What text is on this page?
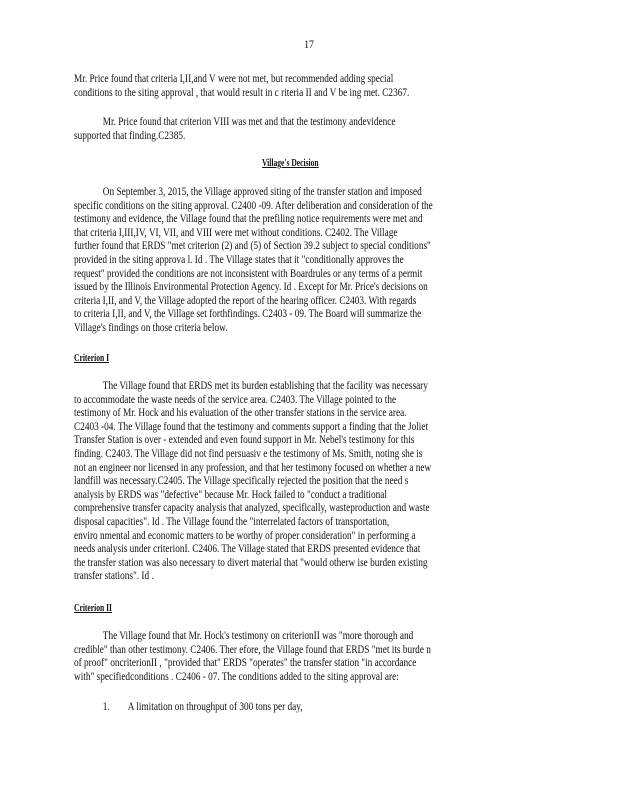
17
Mr. Price found that criteria I,II,and V were not met, but recommended adding special
conditions to the siting approval , that would result in c riteria II and V be ing met. C2367.
Mr. Price found that criterion VIII was met and that the testimony andevidence
supported that finding.C2385.
Village's Decision
On September 3, 2015, the Village approved siting of the transfer station and imposed
specific conditions on the siting approval. C2400 -09. After deliberation and consideration of the
testimony and evidence, the Village found that the prefiling notice requirements were met and
that criteria I,III,IV, VI, VII, and VIII were met without conditions. C2402. The Village
further found that ERDS "met criterion (2) and (5) of Section 39.2 subject to special conditions"
provided in the siting approva l. Id . The Village states that it "conditionally approves the
request" provided the conditions are not inconsistent with Boardrules or any terms of a permit
issued by the Illinois Environmental Protection Agency. Id . Except for Mr. Price's decisions on
criteria I,II, and V, the Village adopted the report of the hearing officer. C2403. With regards
to criteria I,II, and V, the Village set forthfindings. C2403 - 09. The Board will summarize the
Village's findings on those criteria below.
Criterion I
The Village found that ERDS met its burden establishing that the facility was necessary
to accommodate the waste needs of the service area. C2403. The Village pointed to the
testimony of Mr. Hock and his evaluation of the other transfer stations in the service area.
C2403 -04. The Village found that the testimony and comments support a finding that the Joliet
Transfer Station is over - extended and even found support in Mr. Nebel's testimony for this
finding. C2403. The Village did not find persuasiv e the testimony of Ms. Smith, noting she is
not an engineer nor licensed in any profession, and that her testimony focused on whether a new
landfill was necessary.C2405. The Village specifically rejected the position that the need s
analysis by ERDS was "defective" because Mr. Hock failed to "conduct a traditional
comprehensive transfer capacity analysis that analyzed, specifically, wasteproduction and waste
disposal capacities". Id . The Village found the "interrelated factors of transportation,
enviro nmental and economic matters to be worthy of proper consideration" in performing a
needs analysis under criterionI. C2406. The Village stated that ERDS presented evidence that
the transfer station was also necessary to divert material that "would otherw ise burden existing
transfer stations". Id .
Criterion II
The Village found that Mr. Hock's testimony on criterionII was "more thorough and
credible" than other testimony. C2406. Ther efore, the Village found that ERDS "met its burde n
of proof" oncriterionII , "provided that" ERDS "operates" the transfer station "in accordance
with" specifiedconditions . C2406 - 07. The conditions added to the siting approval are:
1.        A limitation on throughput of 300 tons per day,
